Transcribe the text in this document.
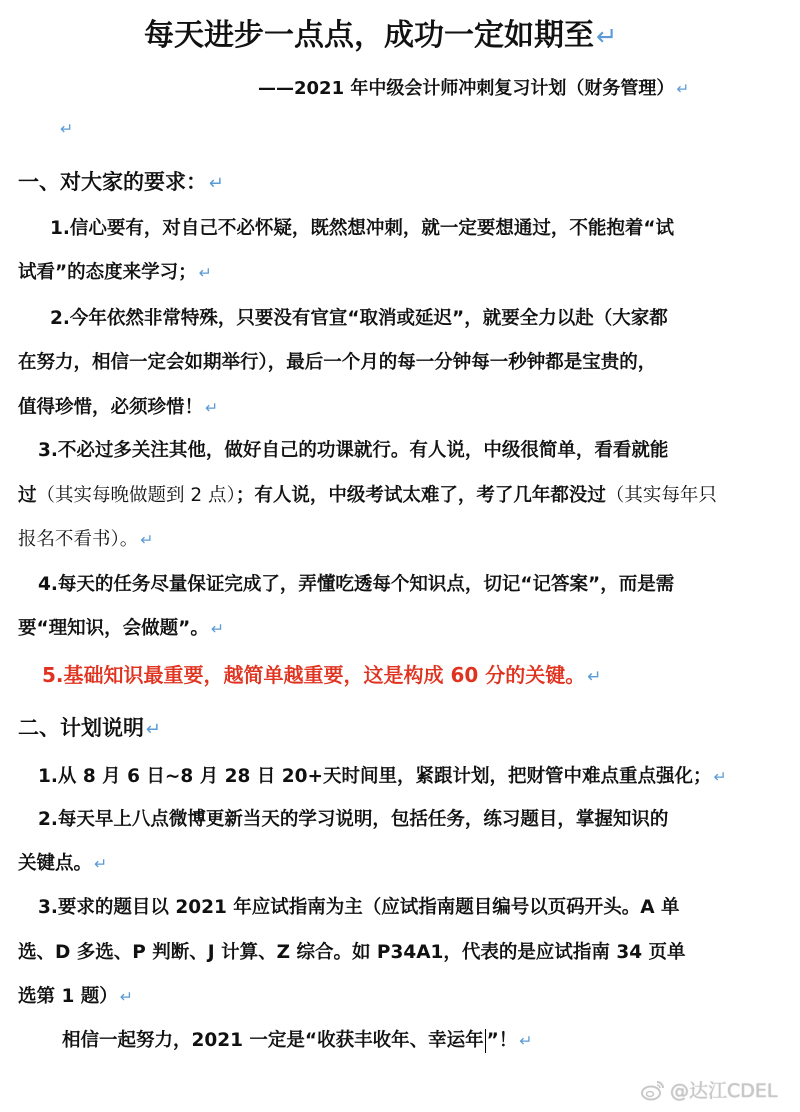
每天进步一点点，成功一定如期至↵
——2021 年中级会计师冲刺复习计划（财务管理） ↵
↵
一、对大家的要求： ↵
1.信心要有，对自己不必怀疑，既然想冲刺，就一定要想通过，不能抱着“试
试看”的态度来学习； ↵
2.今年依然非常特殊，只要没有官宣“取消或延迟”，就要全力以赴（大家都
在努力，相信一定会如期举行），最后一个月的每一分钟每一秒钟都是宝贵的，
值得珍惜，必须珍惜！ ↵
3.不必过多关注其他，做好自己的功课就行。有人说，中级很简单，看看就能
过（其实每晚做题到 2 点）；有人说，中级考试太难了，考了几年都没过（其实每年只
报名不看书）。 ↵
4.每天的任务尽量保证完成了，弄懂吃透每个知识点，切记“记答案”，而是需
要“理知识，会做题”。 ↵
5.基础知识最重要，越简单越重要，这是构成 60 分的关键。 ↵
二、计划说明 ↵
1.从 8 月 6 日~8 月 28 日 20+天时间里，紧跟计划，把财管中难点重点强化； ↵
2.每天早上八点微博更新当天的学习说明，包括任务，练习题目，掌握知识的
关键点。 ↵
3.要求的题目以 2021 年应试指南为主（应试指南题目编号以页码开头。A 单
选、D 多选、P 判断、J 计算、Z 综合。如 P34A1，代表的是应试指南 34 页单
选第 1 题） ↵
相信一起努力，2021 一定是“收获丰收年、幸运年 ”！ ↵
@达江CDEL
